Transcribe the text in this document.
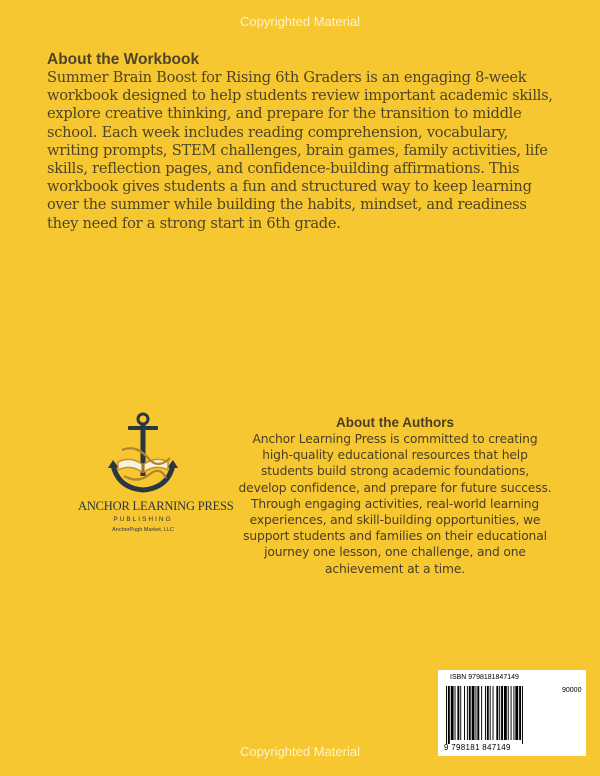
Copyrighted Material
About the Workbook

Summer Brain Boost for Rising 6th Graders is an engaging 8-week
workbook designed to help students review important academic skills,
explore creative thinking, and prepare for the transition to middle
school. Each week includes reading comprehension, vocabulary,
writing prompts, STEM challenges, brain games, family activities, life
skills, reflection pages, and confidence-building affirmations. This
workbook gives students a fun and structured way to keep learning
over the summer while building the habits, mindset, and readiness
they need for a strong start in 6th grade.

ANCHOR LEARNING PRESS
PUBLISHING
AnchorPugh Market, LLC
About the Authors

Anchor Learning Press is committed to creating
high-quality educational resources that help
students build strong academic foundations,
develop confidence, and prepare for future success.
Through engaging activities, real-world learning
experiences, and skill-building opportunities, we
support students and families on their educational
journey one lesson, one challenge, and one
achievement at a time.

ISBN 9798181847149
90000
9 798181 847149
Copyrighted Material
